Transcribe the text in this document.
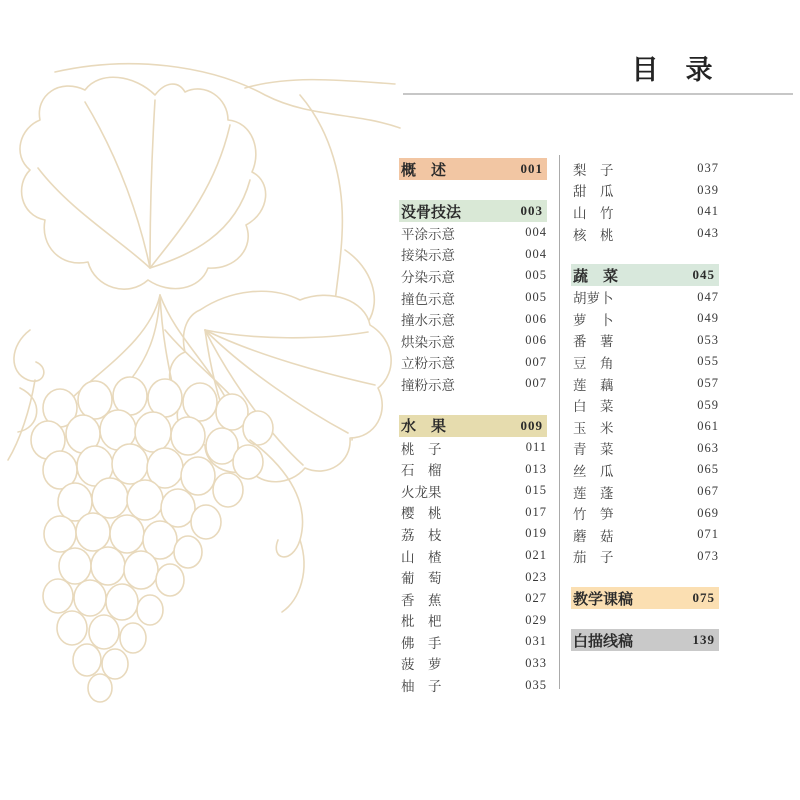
目　录
概　述	001
没骨技法	003
平涂示意	004
接染示意	004
分染示意	005
撞色示意	005
撞水示意	006
烘染示意	006
立粉示意	007
撞粉示意	007
水　果	009
桃　子	011
石　榴	013
火龙果	015
樱　桃	017
荔　枝	019
山　楂	021
葡　萄	023
香　蕉	027
枇　杷	029
佛　手	031
菠　萝	033
柚　子	035
梨　子	037
甜　瓜	039
山　竹	041
核　桃	043
蔬　菜	045
胡萝卜	047
萝　卜	049
番　薯	053
豆　角	055
莲　藕	057
白　菜	059
玉　米	061
青　菜	063
丝　瓜	065
莲　蓬	067
竹　笋	069
蘑　菇	071
茄　子	073
教学课稿	075
白描线稿	139
